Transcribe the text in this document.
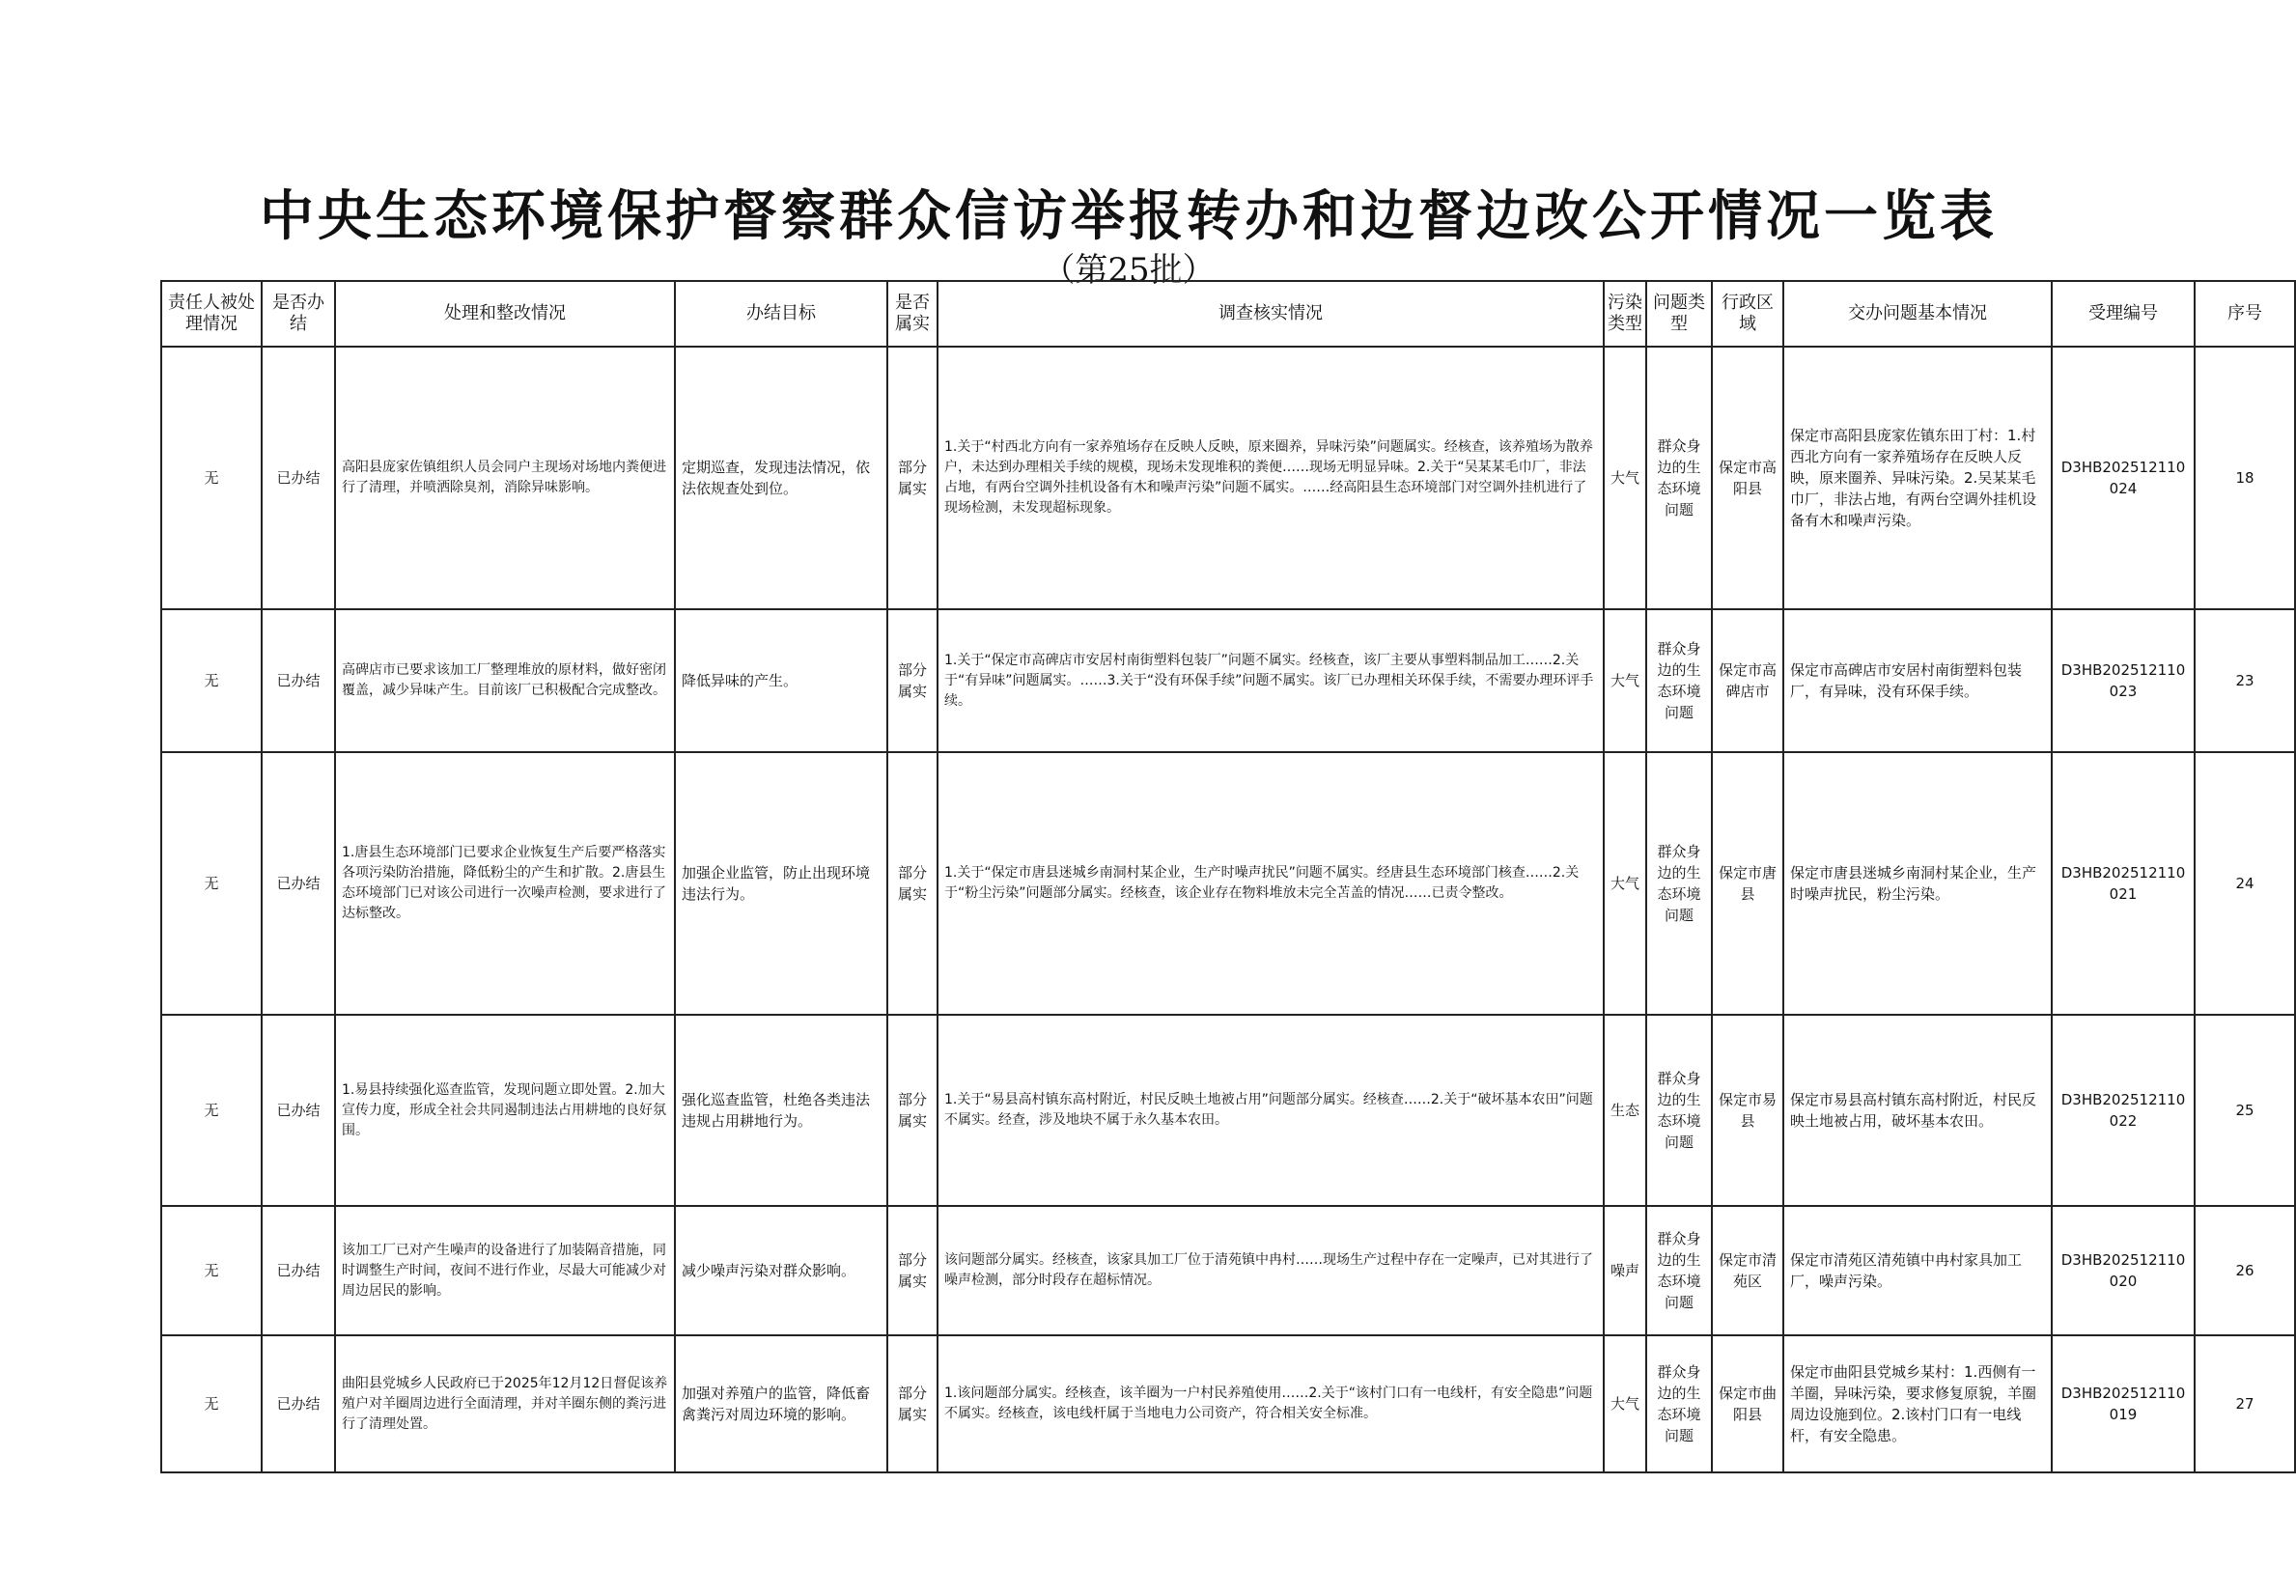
中央生态环境保护督察群众信访举报转办和边督边改公开情况一览表
（第25批）
责任人被处理情况	是否办结	处理和整改情况	办结目标	是否属实	调查核实情况	污染类型	问题类型	行政区域	交办问题基本情况	受理编号	序号
无	已办结	高阳县庞家佐镇组织人员会同户主现场对场地内粪便进行了清理，并喷洒除臭剂，消除异味影响。	定期巡查，发现违法情况，依法依规查处到位。	部分属实	1.关于“村西北方向有一家养殖场存在反映人反映，原来圈养，异味污染”问题属实。经核查，该养殖场为散养户，未达到办理相关手续的规模，现场未发现堆积的粪便……现场无明显异味。2.关于“吴某某毛巾厂，非法占地，有两台空调外挂机设备有木和噪声污染”问题不属实。……经高阳县生态环境部门对空调外挂机进行了现场检测，未发现超标现象。	大气	群众身边的生态环境问题	保定市高阳县	保定市高阳县庞家佐镇东田丁村：1.村西北方向有一家养殖场存在反映人反映，原来圈养、异味污染。2.吴某某毛巾厂，非法占地，有两台空调外挂机设备有木和噪声污染。	D3HB202512110024	18
无	已办结	高碑店市已要求该加工厂整理堆放的原材料，做好密闭覆盖，减少异味产生。目前该厂已积极配合完成整改。	降低异味的产生。	部分属实	1.关于“保定市高碑店市安居村南街塑料包装厂”问题不属实。经核查，该厂主要从事塑料制品加工……2.关于“有异味”问题属实。……3.关于“没有环保手续”问题不属实。该厂已办理相关环保手续，不需要办理环评手续。	大气	群众身边的生态环境问题	保定市高碑店市	保定市高碑店市安居村南街塑料包装厂，有异味，没有环保手续。	D3HB202512110023	23
无	已办结	1.唐县生态环境部门已要求企业恢复生产后要严格落实各项污染防治措施，降低粉尘的产生和扩散。2.唐县生态环境部门已对该公司进行一次噪声检测，要求进行了达标整改。	加强企业监管，防止出现环境违法行为。	部分属实	1.关于“保定市唐县迷城乡南洞村某企业，生产时噪声扰民”问题不属实。经唐县生态环境部门核查……2.关于“粉尘污染”问题部分属实。经核查，该企业存在物料堆放未完全苫盖的情况……已责令整改。	大气	群众身边的生态环境问题	保定市唐县	保定市唐县迷城乡南洞村某企业，生产时噪声扰民，粉尘污染。	D3HB202512110021	24
无	已办结	1.易县持续强化巡查监管，发现问题立即处置。2.加大宣传力度，形成全社会共同遏制违法占用耕地的良好氛围。	强化巡查监管，杜绝各类违法违规占用耕地行为。	部分属实	1.关于“易县高村镇东高村附近，村民反映土地被占用”问题部分属实。经核查……2.关于“破坏基本农田”问题不属实。经查，涉及地块不属于永久基本农田。	生态	群众身边的生态环境问题	保定市易县	保定市易县高村镇东高村附近，村民反映土地被占用，破坏基本农田。	D3HB202512110022	25
无	已办结	该加工厂已对产生噪声的设备进行了加装隔音措施，同时调整生产时间，夜间不进行作业，尽最大可能减少对周边居民的影响。	减少噪声污染对群众影响。	部分属实	该问题部分属实。经核查，该家具加工厂位于清苑镇中冉村……现场生产过程中存在一定噪声，已对其进行了噪声检测，部分时段存在超标情况。	噪声	群众身边的生态环境问题	保定市清苑区	保定市清苑区清苑镇中冉村家具加工厂，噪声污染。	D3HB202512110020	26
无	已办结	曲阳县党城乡人民政府已于2025年12月12日督促该养殖户对羊圈周边进行全面清理，并对羊圈东侧的粪污进行了清理处置。	加强对养殖户的监管，降低畜禽粪污对周边环境的影响。	部分属实	1.该问题部分属实。经核查，该羊圈为一户村民养殖使用……2.关于“该村门口有一电线杆，有安全隐患”问题不属实。经核查，该电线杆属于当地电力公司资产，符合相关安全标准。	大气	群众身边的生态环境问题	保定市曲阳县	保定市曲阳县党城乡某村：1.西侧有一羊圈，异味污染，要求修复原貌，羊圈周边设施到位。2.该村门口有一电线杆，有安全隐患。	D3HB202512110019	27
